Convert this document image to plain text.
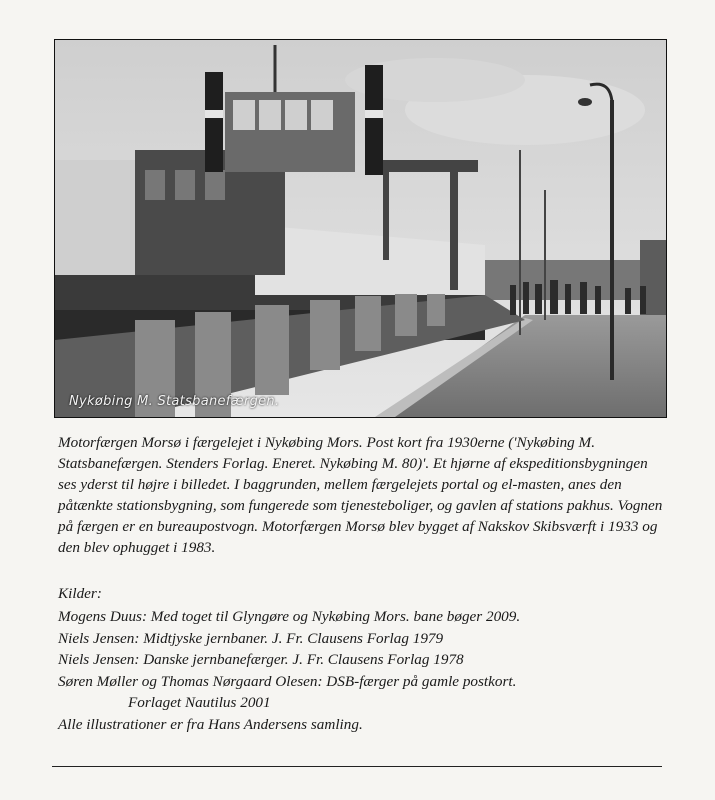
Nykøbing M. Statsbanefærgen.

Motorfærgen Morsø i færgelejet i Nykøbing Mors. Post kort fra 1930erne ('Nykøbing M. Statsbanefærgen. Stenders Forlag. Eneret. Nykøbing M. 80)'. Et hjørne af ekspeditionsbygningen ses yderst til højre i billedet. I baggrunden, mellem færgelejets portal og el-masten, anes den påtænkte stationsbygning, som fungerede som tjenesteboliger, og gavlen af stations pakhus. Vognen på færgen er en bureaupostvogn. Motorfærgen Morsø blev bygget af Nakskov Skibsværft i 1933 og den blev ophugget i 1983.

Kilder:

Mogens Duus: Med toget til Glyngøre og Nykøbing Mors. bane bøger 2009.
Niels Jensen: Midtjyske jernbaner. J. Fr. Clausens Forlag 1979
Niels Jensen: Danske jernbanefærger. J. Fr. Clausens Forlag 1978
Søren Møller og Thomas Nørgaard Olesen: DSB-færger på gamle postkort.
Forlaget Nautilus 2001
Alle illustrationer er fra Hans Andersens samling.
